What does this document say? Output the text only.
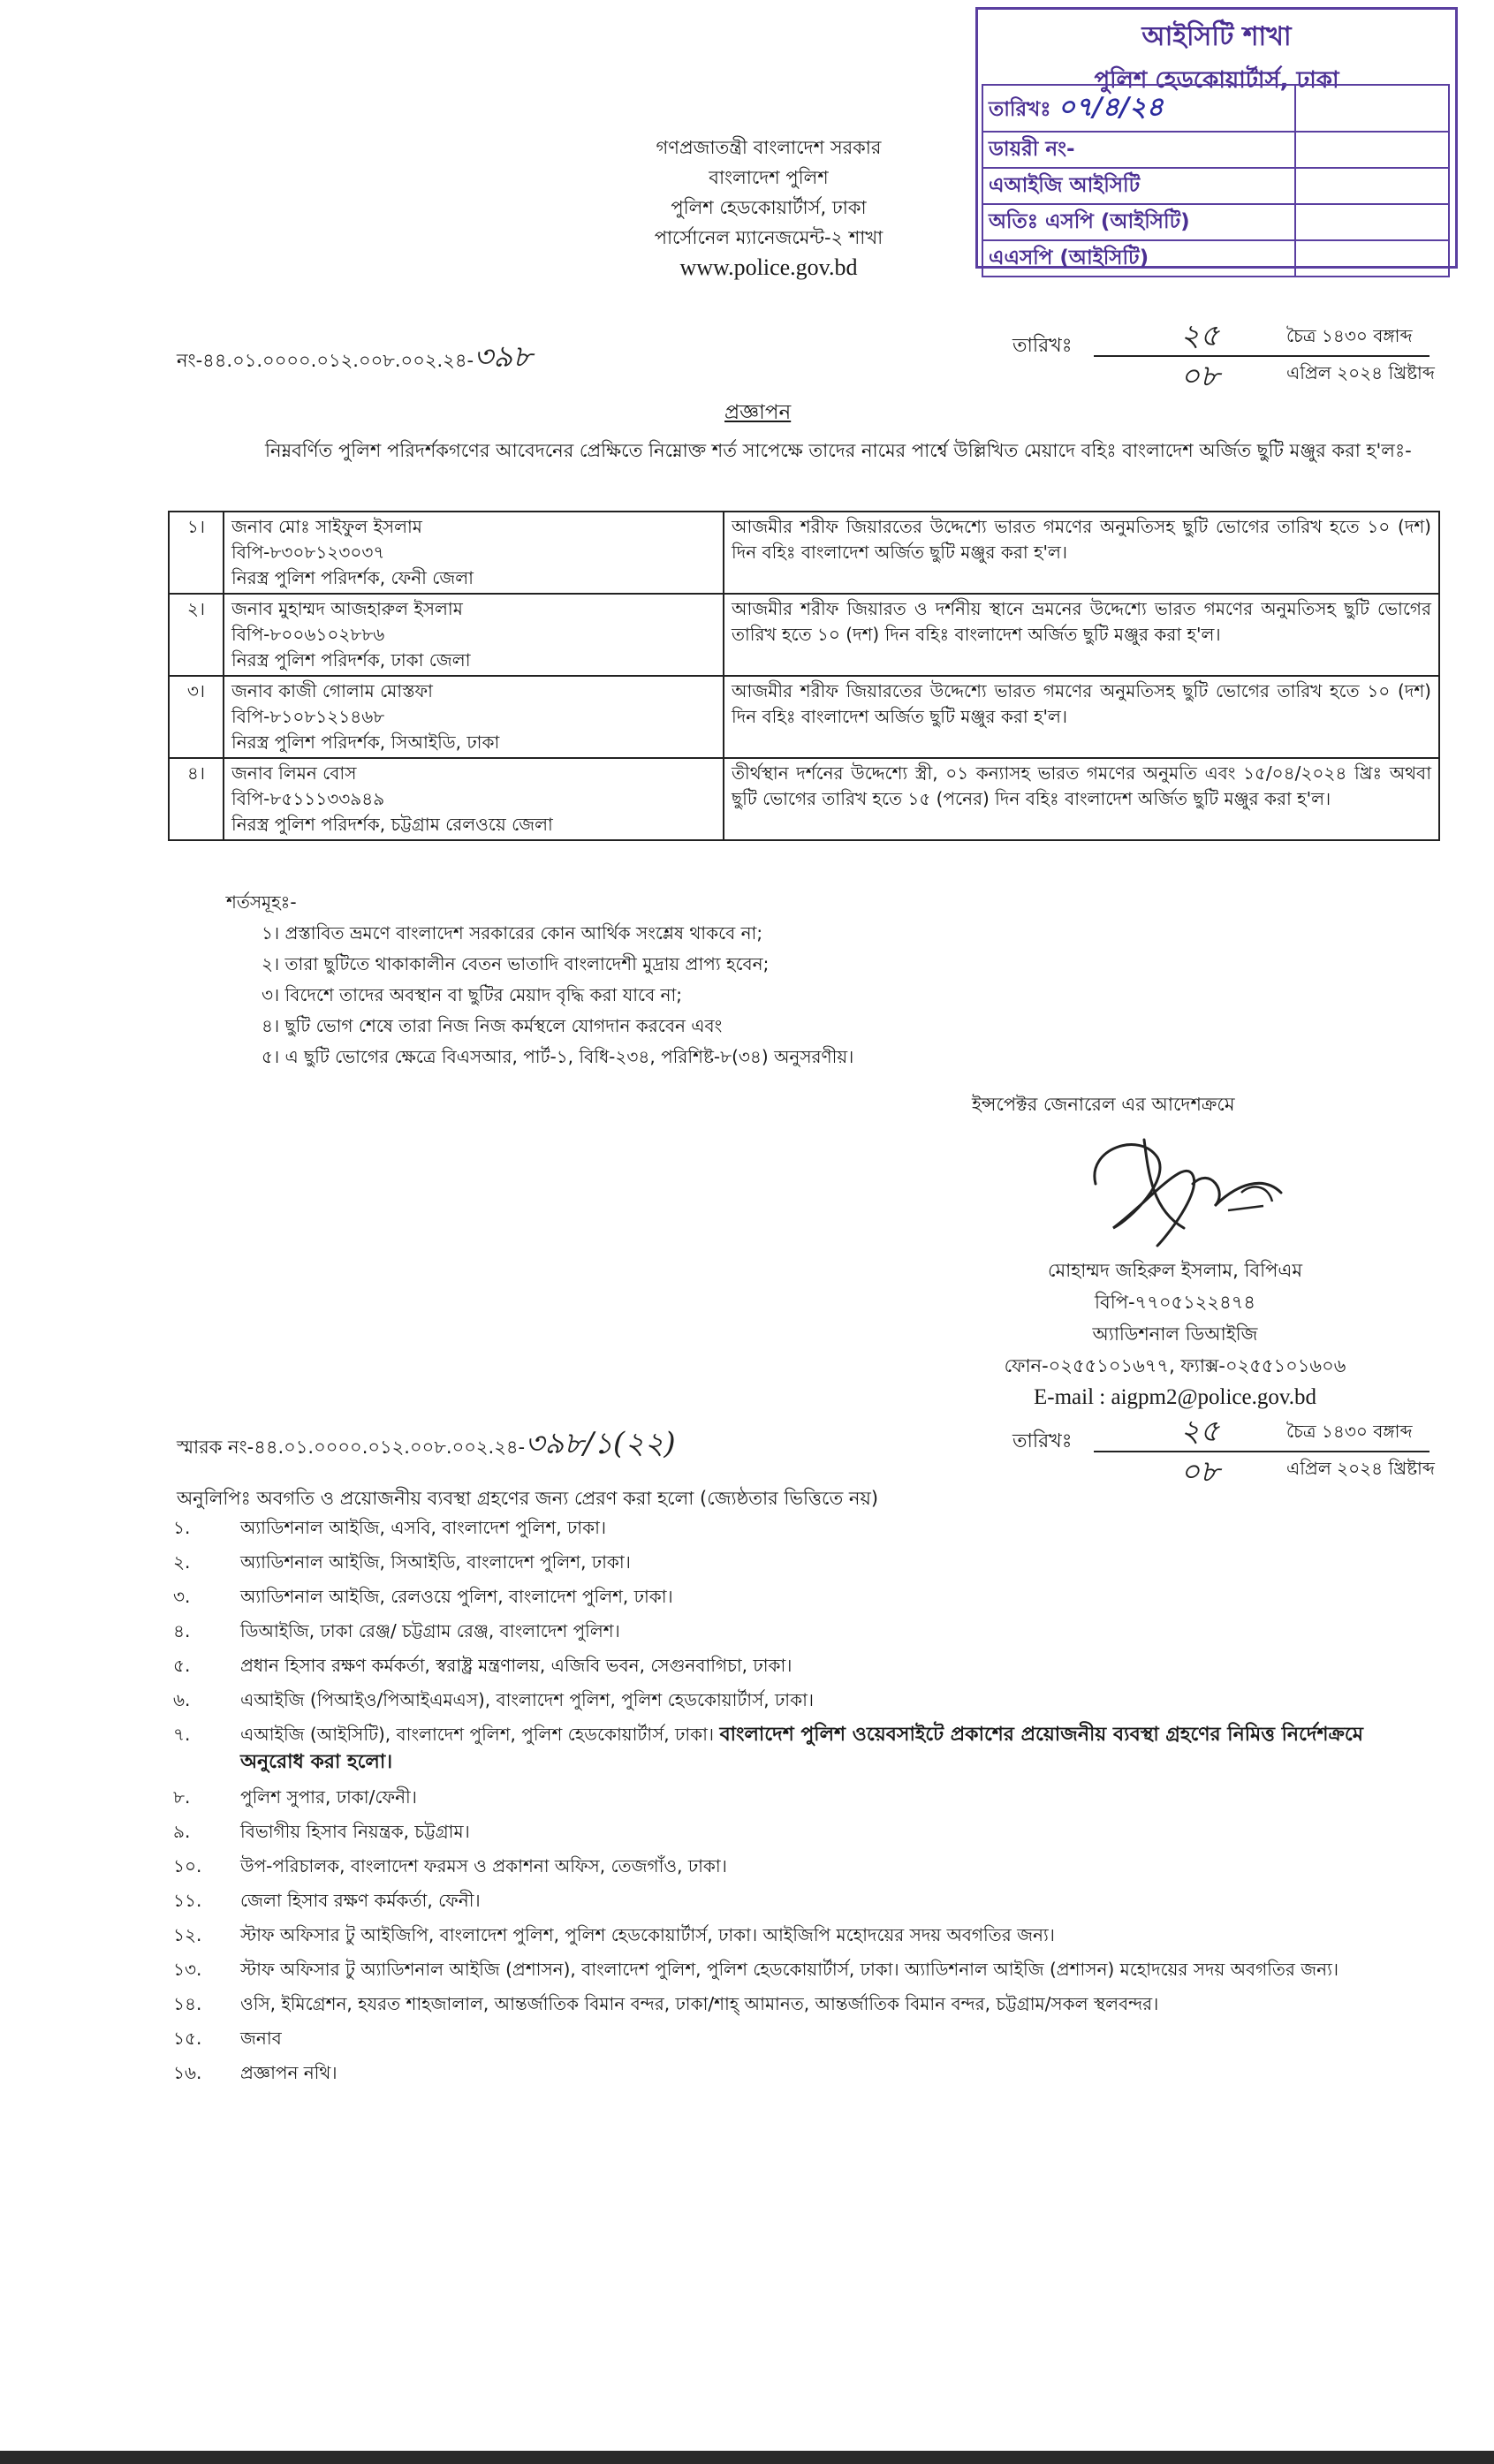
আইসিটি শাখা
পুলিশ হেডকোয়ার্টার্স, ঢাকা
তারিখঃ ০৭/৪/২৪	
ডায়রী নং-	
এআইজি আইসিটি	
অতিঃ এসপি (আইসিটি)	
এএসপি (আইসিটি)	
গণপ্রজাতন্ত্রী বাংলাদেশ সরকার
বাংলাদেশ পুলিশ
পুলিশ হেডকোয়ার্টার্স, ঢাকা
পার্সোনেল ম্যানেজমেন্ট-২ শাখা
www.police.gov.bd
নং-৪৪.০১.০০০০.০১২.০০৮.০০২.২৪-৩৯৮	তারিখঃ	২৫	চৈত্র ১৪৩০ বঙ্গাব্দ
০৮	এপ্রিল ২০২৪ খ্রিষ্টাব্দ
প্রজ্ঞাপন
নিম্নবর্ণিত পুলিশ পরিদর্শকগণের আবেদনের প্রেক্ষিতে নিম্নোক্ত শর্ত সাপেক্ষে তাদের নামের পার্শ্বে উল্লিখিত মেয়াদে বহিঃ বাংলাদেশ অর্জিত ছুটি মঞ্জুর করা হ'লঃ-
১।	জনাব মোঃ সাইফুল ইসলাম
বিপি-৮৩০৮১২৩০৩৭
নিরস্ত্র পুলিশ পরিদর্শক, ফেনী জেলা	আজমীর শরীফ জিয়ারতের উদ্দেশ্যে ভারত গমণের অনুমতিসহ ছুটি ভোগের তারিখ হতে ১০ (দশ) দিন বহিঃ বাংলাদেশ অর্জিত ছুটি মঞ্জুর করা হ'ল।
২।	জনাব মুহাম্মদ আজহারুল ইসলাম
বিপি-৮০০৬১০২৮৮৬
নিরস্ত্র পুলিশ পরিদর্শক, ঢাকা জেলা	আজমীর শরীফ জিয়ারত ও দর্শনীয় স্থানে ভ্রমনের উদ্দেশ্যে ভারত গমণের অনুমতিসহ ছুটি ভোগের তারিখ হতে ১০ (দশ) দিন বহিঃ বাংলাদেশ অর্জিত ছুটি মঞ্জুর করা হ'ল।
৩।	জনাব কাজী গোলাম মোস্তফা
বিপি-৮১০৮১২১৪৬৮
নিরস্ত্র পুলিশ পরিদর্শক, সিআইডি, ঢাকা	আজমীর শরীফ জিয়ারতের উদ্দেশ্যে ভারত গমণের অনুমতিসহ ছুটি ভোগের তারিখ হতে ১০ (দশ) দিন বহিঃ বাংলাদেশ অর্জিত ছুটি মঞ্জুর করা হ'ল।
৪।	জনাব লিমন বোস
বিপি-৮৫১১১৩৩৯৪৯
নিরস্ত্র পুলিশ পরিদর্শক, চট্টগ্রাম রেলওয়ে জেলা	তীর্থস্থান দর্শনের উদ্দেশ্যে স্ত্রী, ০১ কন্যাসহ ভারত গমণের অনুমতি এবং ১৫/০৪/২০২৪ খ্রিঃ অথবা ছুটি ভোগের তারিখ হতে ১৫ (পনের) দিন বহিঃ বাংলাদেশ অর্জিত ছুটি মঞ্জুর করা হ'ল।
শর্তসমূহঃ-
১। প্রস্তাবিত ভ্রমণে বাংলাদেশ সরকারের কোন আর্থিক সংশ্লেষ থাকবে না;
২। তারা ছুটিতে থাকাকালীন বেতন ভাতাদি বাংলাদেশী মুদ্রায় প্রাপ্য হবেন;
৩। বিদেশে তাদের অবস্থান বা ছুটির মেয়াদ বৃদ্ধি করা যাবে না;
৪। ছুটি ভোগ শেষে তারা নিজ নিজ কর্মস্থলে যোগদান করবেন এবং
৫। এ ছুটি ভোগের ক্ষেত্রে বিএসআর, পার্ট-১, বিধি-২৩৪, পরিশিষ্ট-৮(৩৪) অনুসরণীয়।
ইন্সপেক্টর জেনারেল এর আদেশক্রমে
মোহাম্মদ জহিরুল ইসলাম, বিপিএম
বিপি-৭৭০৫১২২৪৭৪
অ্যাডিশনাল ডিআইজি
ফোন-০২৫৫১০১৬৭৭, ফ্যাক্স-০২৫৫১০১৬০৬
E-mail : aigpm2@police.gov.bd
স্মারক নং-৪৪.০১.০০০০.০১২.০০৮.০০২.২৪-৩৯৮/১(২২)	তারিখঃ	২৫	চৈত্র ১৪৩০ বঙ্গাব্দ
০৮	এপ্রিল ২০২৪ খ্রিষ্টাব্দ
অনুলিপিঃ অবগতি ও প্রয়োজনীয় ব্যবস্থা গ্রহণের জন্য প্রেরণ করা হলো (জ্যেষ্ঠতার ভিত্তিতে নয়)
১.	অ্যাডিশনাল আইজি, এসবি, বাংলাদেশ পুলিশ, ঢাকা।
২.	অ্যাডিশনাল আইজি, সিআইডি, বাংলাদেশ পুলিশ, ঢাকা।
৩.	অ্যাডিশনাল আইজি, রেলওয়ে পুলিশ, বাংলাদেশ পুলিশ, ঢাকা।
৪.	ডিআইজি, ঢাকা রেঞ্জ/ চট্টগ্রাম রেঞ্জ, বাংলাদেশ পুলিশ।
৫.	প্রধান হিসাব রক্ষণ কর্মকর্তা, স্বরাষ্ট্র মন্ত্রণালয়, এজিবি ভবন, সেগুনবাগিচা, ঢাকা।
৬.	এআইজি (পিআইও/পিআইএমএস), বাংলাদেশ পুলিশ, পুলিশ হেডকোয়ার্টার্স, ঢাকা।
৭.	এআইজি (আইসিটি), বাংলাদেশ পুলিশ, পুলিশ হেডকোয়ার্টার্স, ঢাকা। বাংলাদেশ পুলিশ ওয়েবসাইটে প্রকাশের প্রয়োজনীয় ব্যবস্থা গ্রহণের নিমিত্ত নির্দেশক্রমে অনুরোধ করা হলো।
৮.	পুলিশ সুপার, ঢাকা/ফেনী।
৯.	বিভাগীয় হিসাব নিয়ন্ত্রক, চট্টগ্রাম।
১০.	উপ-পরিচালক, বাংলাদেশ ফরমস ও প্রকাশনা অফিস, তেজগাঁও, ঢাকা।
১১.	জেলা হিসাব রক্ষণ কর্মকর্তা, ফেনী।
১২.	স্টাফ অফিসার টু আইজিপি, বাংলাদেশ পুলিশ, পুলিশ হেডকোয়ার্টার্স, ঢাকা। আইজিপি মহোদয়ের সদয় অবগতির জন্য।
১৩.	স্টাফ অফিসার টু অ্যাডিশনাল আইজি (প্রশাসন), বাংলাদেশ পুলিশ, পুলিশ হেডকোয়ার্টার্স, ঢাকা। অ্যাডিশনাল আইজি (প্রশাসন) মহোদয়ের সদয় অবগতির জন্য।
১৪.	ওসি, ইমিগ্রেশন, হযরত শাহজালাল, আন্তর্জাতিক বিমান বন্দর, ঢাকা/শাহ্ আমানত, আন্তর্জাতিক বিমান বন্দর, চট্টগ্রাম/সকল স্থলবন্দর।
১৫.	জনাব
১৬.	প্রজ্ঞাপন নথি।
